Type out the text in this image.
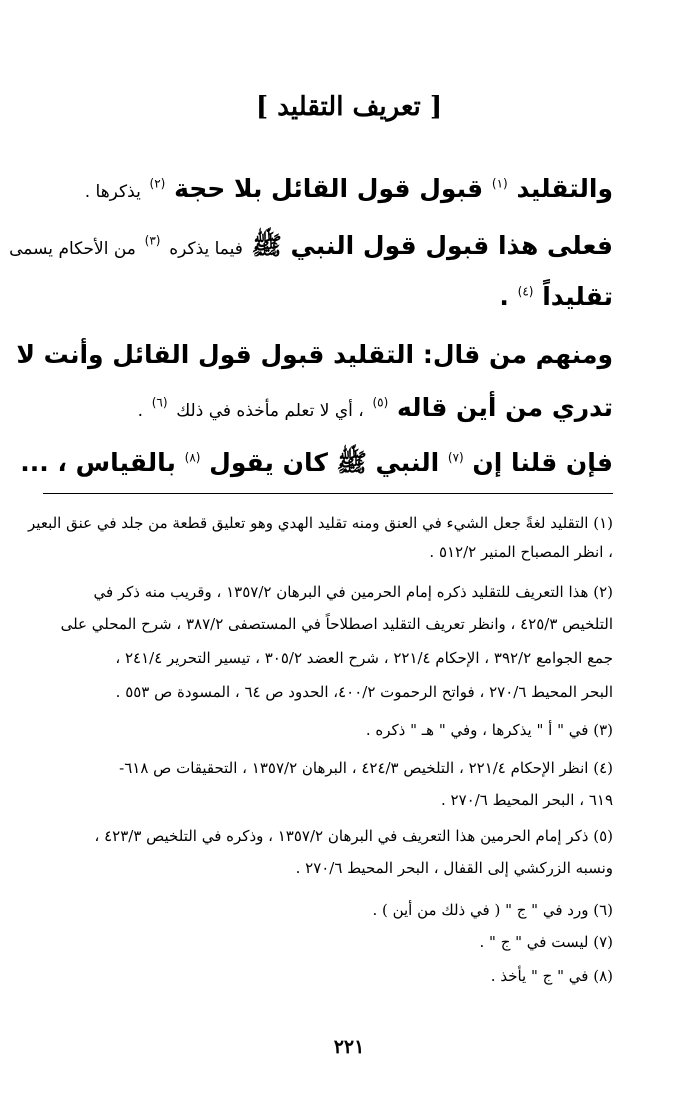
[ تعريف التقليد ]
والتقليد $^{(١)}$ قبول قول القائل بلا حجة $^{(٢)}$ يذكرها .
فعلى هذا قبول قول النبي ﷺ فيما يذكره $^{(٣)}$ من الأحكام يسمى
تقليداً $^{(٤)}$ .
ومنهم من قال: التقليد قبول قول القائل وأنت لا
تدري من أين قاله $^{(٥)}$ ، أي لا تعلم مأخذه في ذلك $^{(٦)}$ .
فإن قلنا إن $^{(٧)}$ النبي ﷺ كان يقول $^{(٨)}$ بالقياس ، ...
(١) التقليد لغةً جعل الشيء في العنق ومنه تقليد الهدي وهو تعليق قطعة من جلد في عنق البعير
، انظر المصباح المنير ٥١٢/٢ .
(٢) هذا التعريف للتقليد ذكره إمام الحرمين في البرهان ١٣٥٧/٢ ، وقريب منه ذكر في
التلخيص ٤٢٥/٣ ، وانظر تعريف التقليد اصطلاحاً في المستصفى ٣٨٧/٢ ، شرح المحلي على
جمع الجوامع ٣٩٢/٢ ، الإحكام ٢٢١/٤ ، شرح العضد ٣٠٥/٢ ، تيسير التحرير ٢٤١/٤ ،
البحر المحيط ٢٧٠/٦ ، فواتح الرحموت ٤٠٠/٢، الحدود ص ٦٤ ، المسودة ص ٥٥٣ .
(٣) في " أ " يذكرها ، وفي " هـ " ذكره .
(٤) انظر الإحكام ٢٢١/٤ ، التلخيص ٤٢٤/٣ ، البرهان ١٣٥٧/٢ ، التحقيقات ص ٦١٨-
٦١٩ ، البحر المحيط ٢٧٠/٦ .
(٥) ذكر إمام الحرمين هذا التعريف في البرهان ١٣٥٧/٢ ، وذكره في التلخيص ٤٢٣/٣ ،
ونسبه الزركشي إلى القفال ، البحر المحيط ٢٧٠/٦ .
(٦) ورد في " ج " ( في ذلك من أين ) .
(٧) ليست في " ج " .
(٨) في " ج " يأخذ .
٢٢١
